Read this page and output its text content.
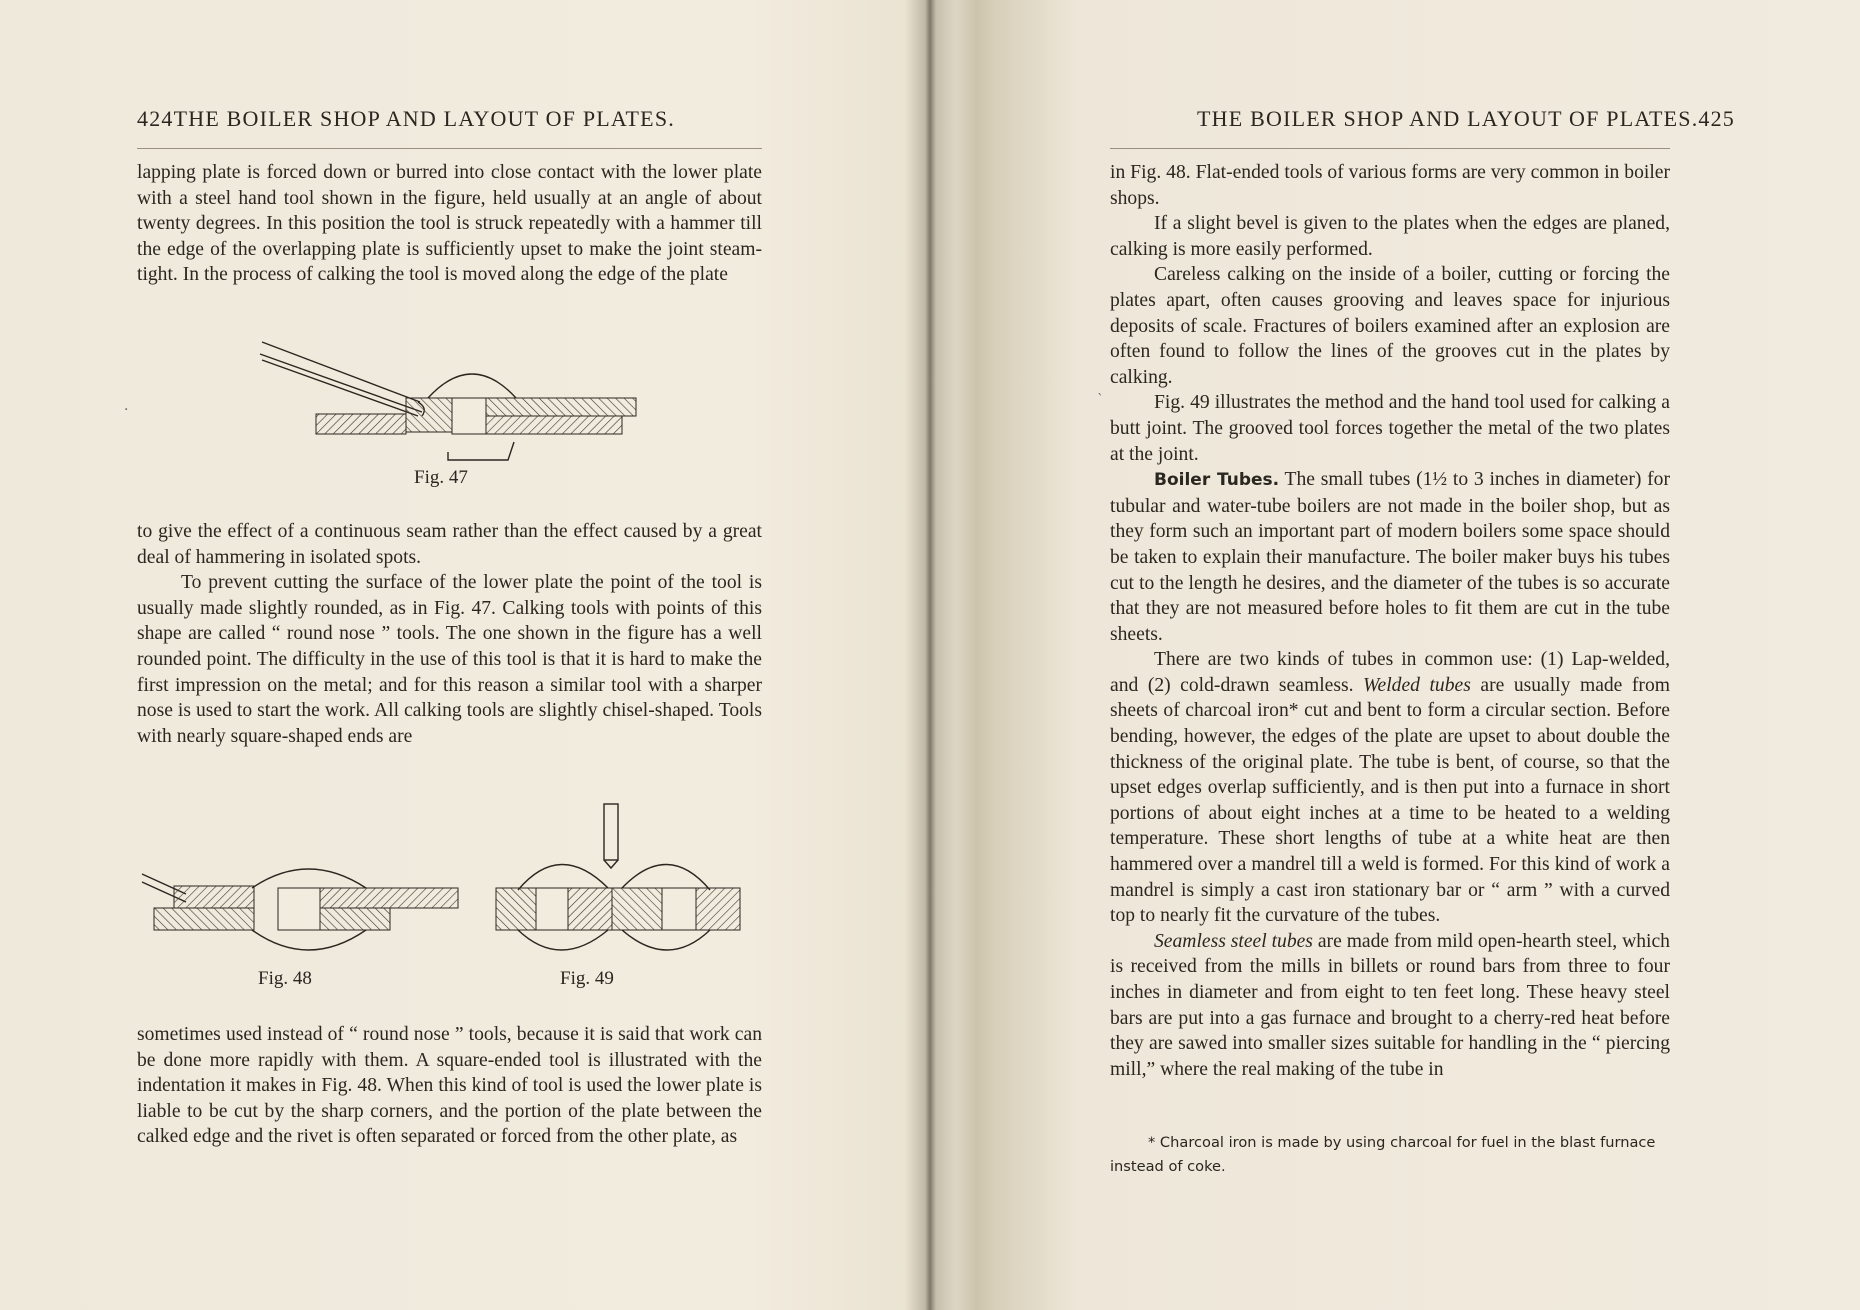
424THE BOILER SHOP AND LAYOUT OF PLATES.

lapping plate is forced down or burred into close contact with the lower plate with a steel hand tool shown in the figure, held usually at an angle of about twenty degrees. In this position the tool is struck repeatedly with a hammer till the edge of the overlapping plate is sufficiently upset to make the joint steam-tight. In the process of calking the tool is moved along the edge of the plate

Fig. 47

to give the effect of a continuous seam rather than the effect caused by a great deal of hammering in isolated spots.

To prevent cutting the surface of the lower plate the point of the tool is usually made slightly rounded, as in Fig. 47. Calking tools with points of this shape are called “ round nose ” tools. The one shown in the figure has a well rounded point. The difficulty in the use of this tool is that it is hard to make the first impression on the metal; and for this reason a similar tool with a sharper nose is used to start the work. All calking tools are slightly chisel-shaped. Tools with nearly square-shaped ends are

Fig. 48	Fig. 49

sometimes used instead of “ round nose ” tools, because it is said that work can be done more rapidly with them. A square-ended tool is illustrated with the indentation it makes in Fig. 48. When this kind of tool is used the lower plate is liable to be cut by the sharp corners, and the portion of the plate between the calked edge and the rivet is often separated or forced from the other plate, as

·
THE BOILER SHOP AND LAYOUT OF PLATES.425

in Fig. 48. Flat-ended tools of various forms are very common in boiler shops.

If a slight bevel is given to the plates when the edges are planed, calking is more easily performed.

Careless calking on the inside of a boiler, cutting or forcing the plates apart, often causes grooving and leaves space for injurious deposits of scale. Fractures of boilers examined after an explosion are often found to follow the lines of the grooves cut in the plates by calking.

Fig. 49 illustrates the method and the hand tool used for calking a butt joint. The grooved tool forces together the metal of the two plates at the joint.

Boiler Tubes. The small tubes (1½ to 3 inches in diameter) for tubular and water-tube boilers are not made in the boiler shop, but as they form such an important part of modern boilers some space should be taken to explain their manufacture. The boiler maker buys his tubes cut to the length he desires, and the diameter of the tubes is so accurate that they are not measured before holes to fit them are cut in the tube sheets.

There are two kinds of tubes in common use: (1) Lap-welded, and (2) cold-drawn seamless. Welded tubes are usually made from sheets of charcoal iron* cut and bent to form a circular section. Before bending, however, the edges of the plate are upset to about double the thickness of the original plate. The tube is bent, of course, so that the upset edges overlap sufficiently, and is then put into a furnace in short portions of about eight inches at a time to be heated to a welding temperature. These short lengths of tube at a white heat are then hammered over a mandrel till a weld is formed. For this kind of work a mandrel is simply a cast iron stationary bar or “ arm ” with a curved top to nearly fit the curvature of the tubes.

Seamless steel tubes are made from mild open-hearth steel, which is received from the mills in billets or round bars from three to four inches in diameter and from eight to ten feet long. These heavy steel bars are put into a gas furnace and brought to a cherry-red heat before they are sawed into smaller sizes suitable for handling in the “ piercing mill,” where the real making of the tube in

* Charcoal iron is made by using charcoal for fuel in the blast furnace instead of coke.

ˋ
